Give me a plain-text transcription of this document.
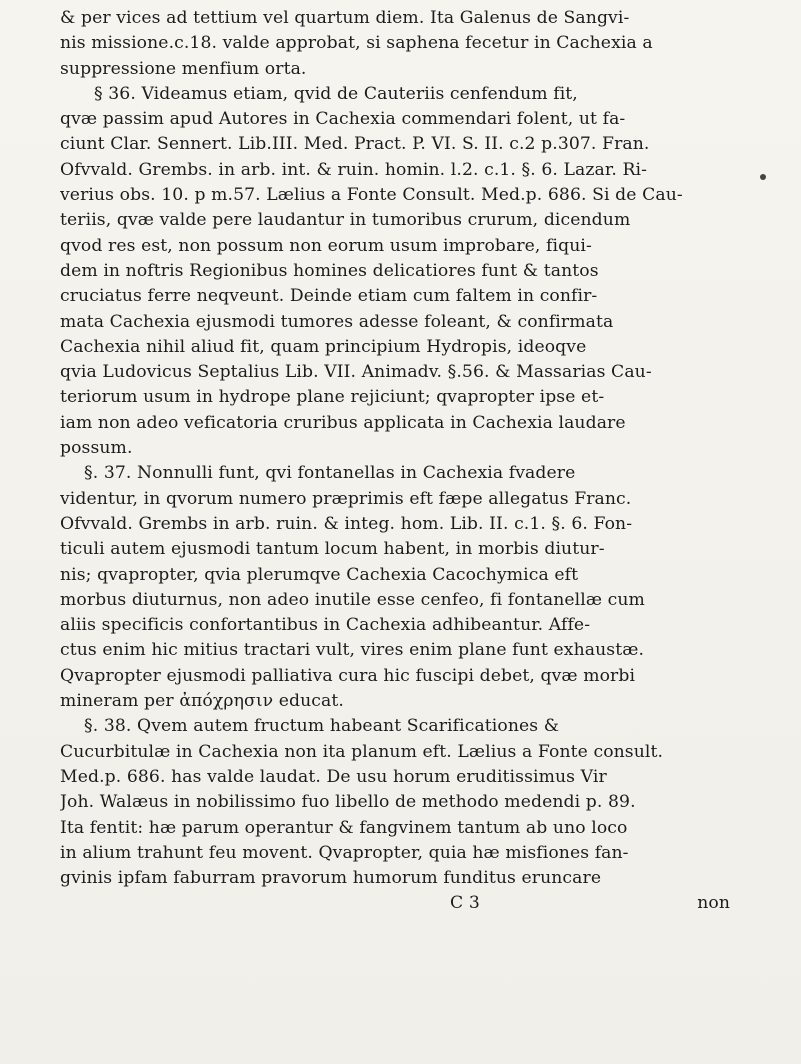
& per vices ad tettium vel quartum diem. Ita Galenus de Sangvi-
nis missione.c.18. valde approbat, si saphena fecetur in Cachexia a
suppressione menfium orta.
§ 36. Videamus etiam, qvid de Cauteriis cenfendum fit,
qvæ passim apud Autores in Cachexia commendari folent, ut fa-
ciunt Clar. Sennert. Lib.III. Med. Pract. P. VI. S. II. c.2 p.307. Fran.
Ofvvald. Grembs. in arb. int. & ruin. homin. l.2. c.1. §. 6. Lazar. Ri-
verius obs. 10. p m.57. Lælius a Fonte Consult. Med.p. 686. Si de Cau-
teriis, qvæ valde pere laudantur in tumoribus crurum, dicendum
qvod res est, non possum non eorum usum improbare, fiqui-
dem in noftris Regionibus homines delicatiores funt & tantos
cruciatus ferre neqveunt. Deinde etiam cum faltem in confir-
mata Cachexia ejusmodi tumores adesse foleant, & confirmata
Cachexia nihil aliud fit, quam principium Hydropis, ideoqve
qvia Ludovicus Septalius Lib. VII. Animadv. §.56. & Massarias Cau-
teriorum usum in hydrope plane rejiciunt; qvapropter ipse et-
iam non adeo veficatoria cruribus applicata in Cachexia laudare
possum.
§. 37. Nonnulli funt, qvi fontanellas in Cachexia fvadere
videntur, in qvorum numero præprimis eft fæpe allegatus Franc.
Ofvvald. Grembs in arb. ruin. & integ. hom. Lib. II. c.1. §. 6. Fon-
ticuli autem ejusmodi tantum locum habent, in morbis diutur-
nis; qvapropter, qvia plerumqve Cachexia Cacochymica eft
morbus diuturnus, non adeo inutile esse cenfeo, fi fontanellæ cum
aliis specificis confortantibus in Cachexia adhibeantur. Affe-
ctus enim hic mitius tractari vult, vires enim plane funt exhaustæ.
Qvapropter ejusmodi palliativa cura hic fuscipi debet, qvæ morbi
mineram per ἀπόχρησιν educat.
§. 38. Qvem autem fructum habeant Scarificationes &
Cucurbitulæ in Cachexia non ita planum eft. Lælius a Fonte consult.
Med.p. 686. has valde laudat. De usu horum eruditissimus Vir
Joh. Walæus in nobilissimo fuo libello de methodo medendi p. 89.
Ita fentit: hæ parum operantur & fangvinem tantum ab uno loco
in alium trahunt feu movent. Qvapropter, quia hæ misfiones fan-
gvinis ipfam faburram pravorum humorum funditus eruncare
C 3	non
